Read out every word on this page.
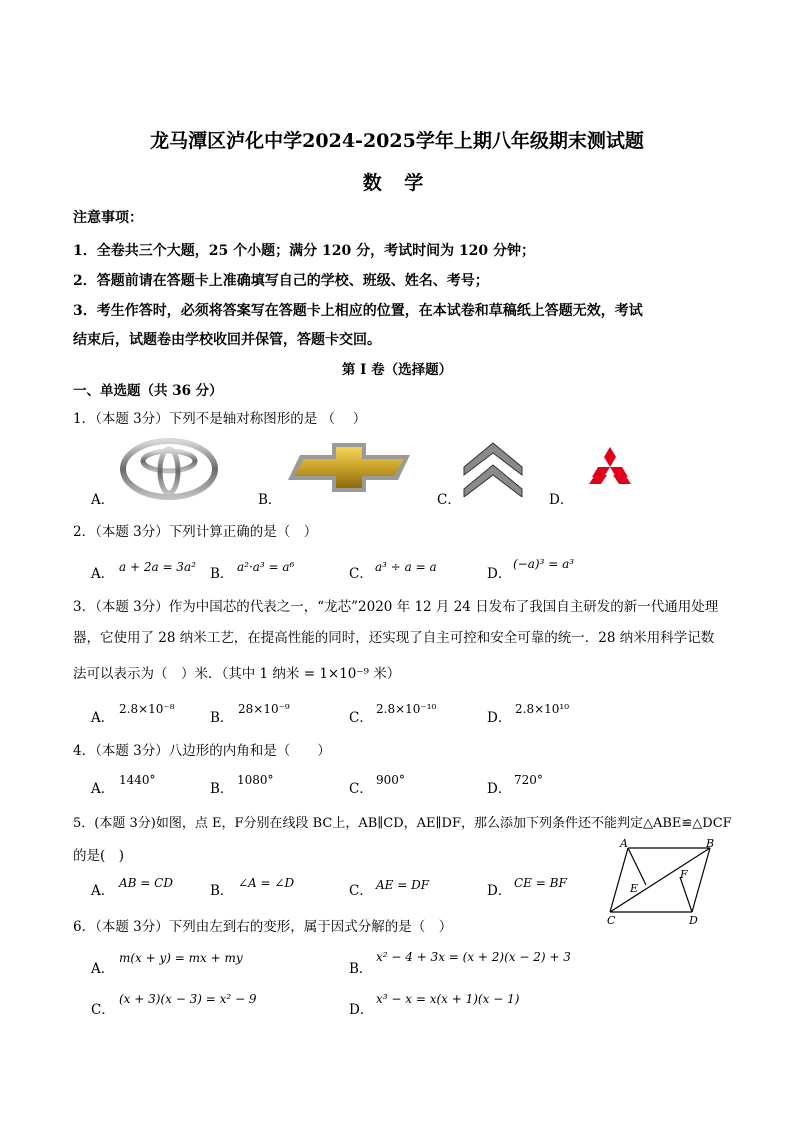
龙马潭区泸化中学2024-2025学年上期八年级期末测试题
数 学
注意事项：
1．全卷共三个大题，25 个小题；满分 120 分，考试时间为 120 分钟；
2．答题前请在答题卡上准确填写自己的学校、班级、姓名、考号；
3．考生作答时，必须将答案写在答题卡上相应的位置，在本试卷和草稿纸上答题无效，考试
结束后，试题卷由学校收回并保管，答题卡交回。
第 I 卷（选择题）
一、单选题（共 36 分）
1．（本题 3分）下列不是轴对称图形的是 （　 ）
A．	B．	C．	D．
2．（本题 3分）下列计算正确的是（　）
A． a + 2a = 3a² B． a²·a³ = a⁶	C． a³ ÷ a = a	D．
(−a)³ = a³
3．（本题 3分）作为中国芯的代表之一，“龙芯”2020 年 12 月 24 日发布了我国自主研发的新一代通用处理
器，它使用了 28 纳米工艺，在提高性能的同时，还实现了自主可控和安全可靠的统一．28 纳米用科学记数
法可以表示为（　）米．（其中 1 纳米 = 1×10⁻⁹ 米）
A．
2.8×10⁻⁸
B．
28×10⁻⁹
C．
2.8×10⁻¹⁰
D．
2.8×10¹⁰
4．（本题 3分）八边形的内角和是（　　）
A．
1440°
B．
1080°
C．
900°
D．
720°
5．(本题 3分)如图，点 E，F分别在线段 BC上，AB∥CD，AE∥DF，那么添加下列条件还不能判定△ABE≌△DCF
的是(　)
A． AB = CD	B． ∠A = ∠D	C． AE = DF	D． CE = BF
A	B
C	D
E
F
6．（本题 3分）下列由左到右的变形，属于因式分解的是（　）
A．
m(x + y) = mx + my
B．
x² − 4 + 3x = (x + 2)(x − 2) + 3
C．
(x + 3)(x − 3) = x² − 9
D．
x³ − x = x(x + 1)(x − 1)
